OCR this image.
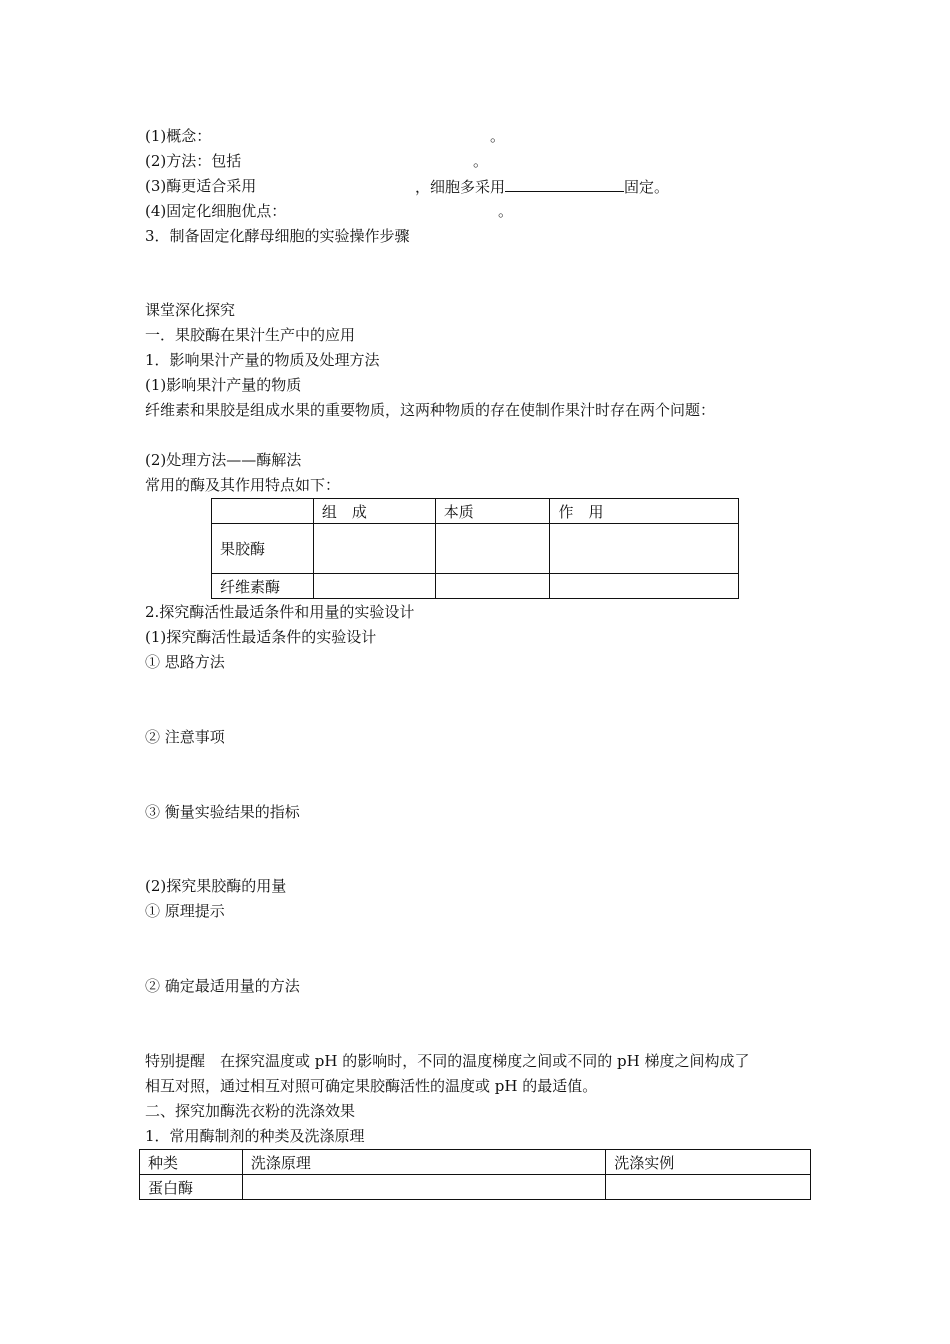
(1)概念：	。
(2)方法：包括	。
(3)酶更适合采用	，细胞多采用	固定。
(4)固定化细胞优点：	。
3．制备固定化酵母细胞的实验操作步骤
课堂深化探究
一．果胶酶在果汁生产中的应用
1．影响果汁产量的物质及处理方法
(1)影响果汁产量的物质
纤维素和果胶是组成水果的重要物质，这两种物质的存在使制作果汁时存在两个问题：
(2)处理方法——酶解法
常用的酶及其作用特点如下：
	组　成	本质	作　用
果胶酶			
纤维素酶			
2.探究酶活性最适条件和用量的实验设计
(1)探究酶活性最适条件的实验设计
① 思路方法
② 注意事项
③ 衡量实验结果的指标
(2)探究果胶酶的用量
① 原理提示
② 确定最适用量的方法
特别提醒　在探究温度或 pH 的影响时，不同的温度梯度之间或不同的 pH 梯度之间构成了
相互对照，通过相互对照可确定果胶酶活性的温度或 pH 的最适值。
二、探究加酶洗衣粉的洗涤效果
1．常用酶制剂的种类及洗涤原理
种类	洗涤原理	洗涤实例
蛋白酶		
